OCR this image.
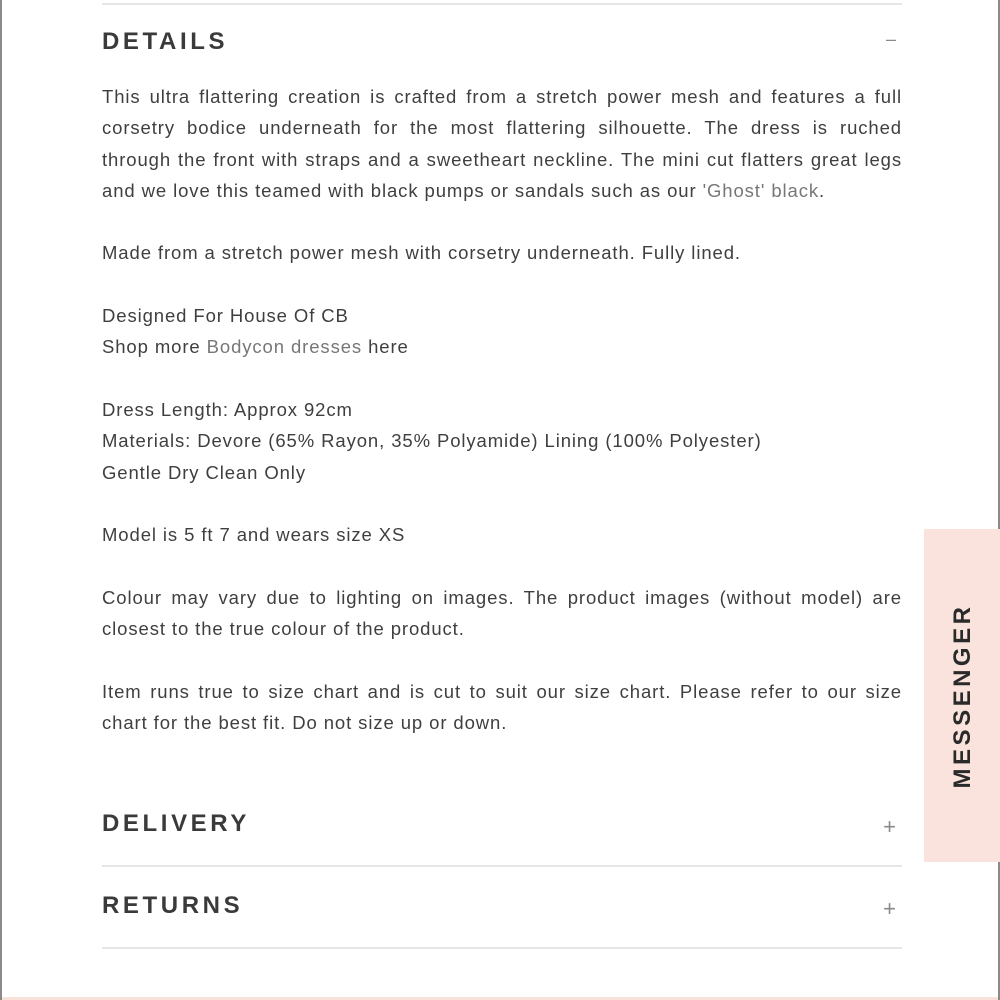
DETAILS	–

This ultra flattering creation is crafted from a stretch power mesh and features a full corsetry bodice underneath for the most flattering silhouette. The dress is ruched through the front with straps and a sweetheart neckline. The mini cut flatters great legs and we love this teamed with black pumps or sandals such as our 'Ghost' black.

Made from a stretch power mesh with corsetry underneath. Fully lined.

Designed For House Of CB
Shop more Bodycon dresses here

Dress Length: Approx 92cm
Materials: Devore (65% Rayon, 35% Polyamide) Lining (100% Polyester)
Gentle Dry Clean Only

Model is 5 ft 7 and wears size XS

Colour may vary due to lighting on images. The product images (without model) are closest to the true colour of the product.

Item runs true to size chart and is cut to suit our size chart. Please refer to our size chart for the best fit. Do not size up or down.

DELIVERY	+
RETURNS	+
MESSENGER
